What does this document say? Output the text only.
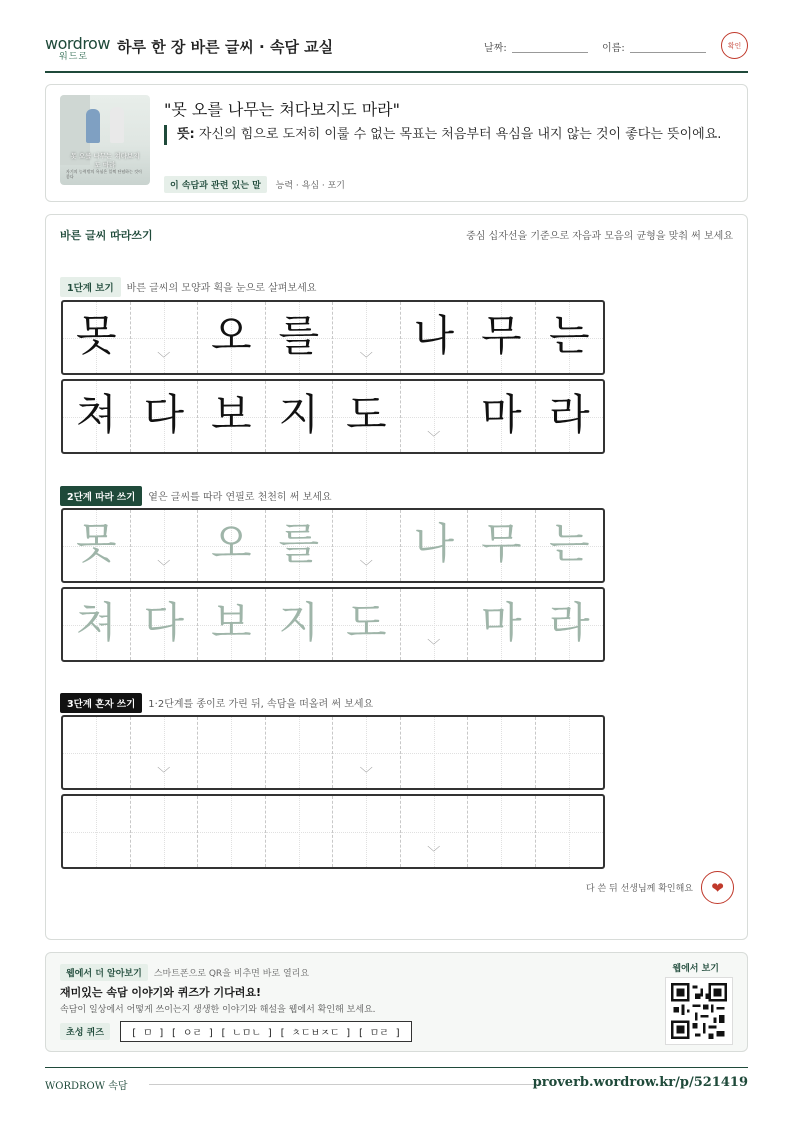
wordrow
워드로
하루 한 장 바른 글씨 · 속담 교실	날짜:	이름:	확인
못 오를 나무는 쳐다보지도 마라
자기의 능력밖의 욕심은 일찍 단념하는 것이 좋다
"못 오를 나무는 쳐다보지도 마라"
뜻: 자신의 힘으로 도저히 이룰 수 없는 목표는 처음부터 욕심을 내지 않는 것이 좋다는 뜻이에요.
이 속담과 관련 있는 말 능력 · 욕심 · 포기
바른 글씨 따라쓰기	중심 십자선을 기준으로 자음과 모음의 균형을 맞춰 써 보세요
1단계 보기 바른 글씨의 모양과 획을 눈으로 살펴보세요
못	﹀ 오 를	﹀ 나 무 는
쳐 다 보 지 도	﹀ 마 라
2단계 따라 쓰기 옅은 글씨를 따라 연필로 천천히 써 보세요
못	﹀ 오 를	﹀ 나 무 는
쳐 다 보 지 도	﹀ 마 라
3단계 혼자 쓰기 1·2단계를 종이로 가린 뒤, 속담을 떠올려 써 보세요
﹀	﹀
﹀
다 쓴 뒤 선생님께 확인해요	❤
웹에서 더 알아보기 스마트폰으로 QR을 비추면 바로 열리요
재미있는 속담 이야기와 퀴즈가 기다려요!
속담이 일상에서 어떻게 쓰이는지 생생한 이야기와 해설을 웹에서 확인해 보세요.
초성 퀴즈	[ ㅁ ] [ ㅇㄹ ] [ ㄴㅁㄴ ] [ ㅊㄷㅂㅈㄷ ] [ ㅁㄹ ]
웹에서 보기
WORDROW 속담	proverb.wordrow.kr/p/521419
